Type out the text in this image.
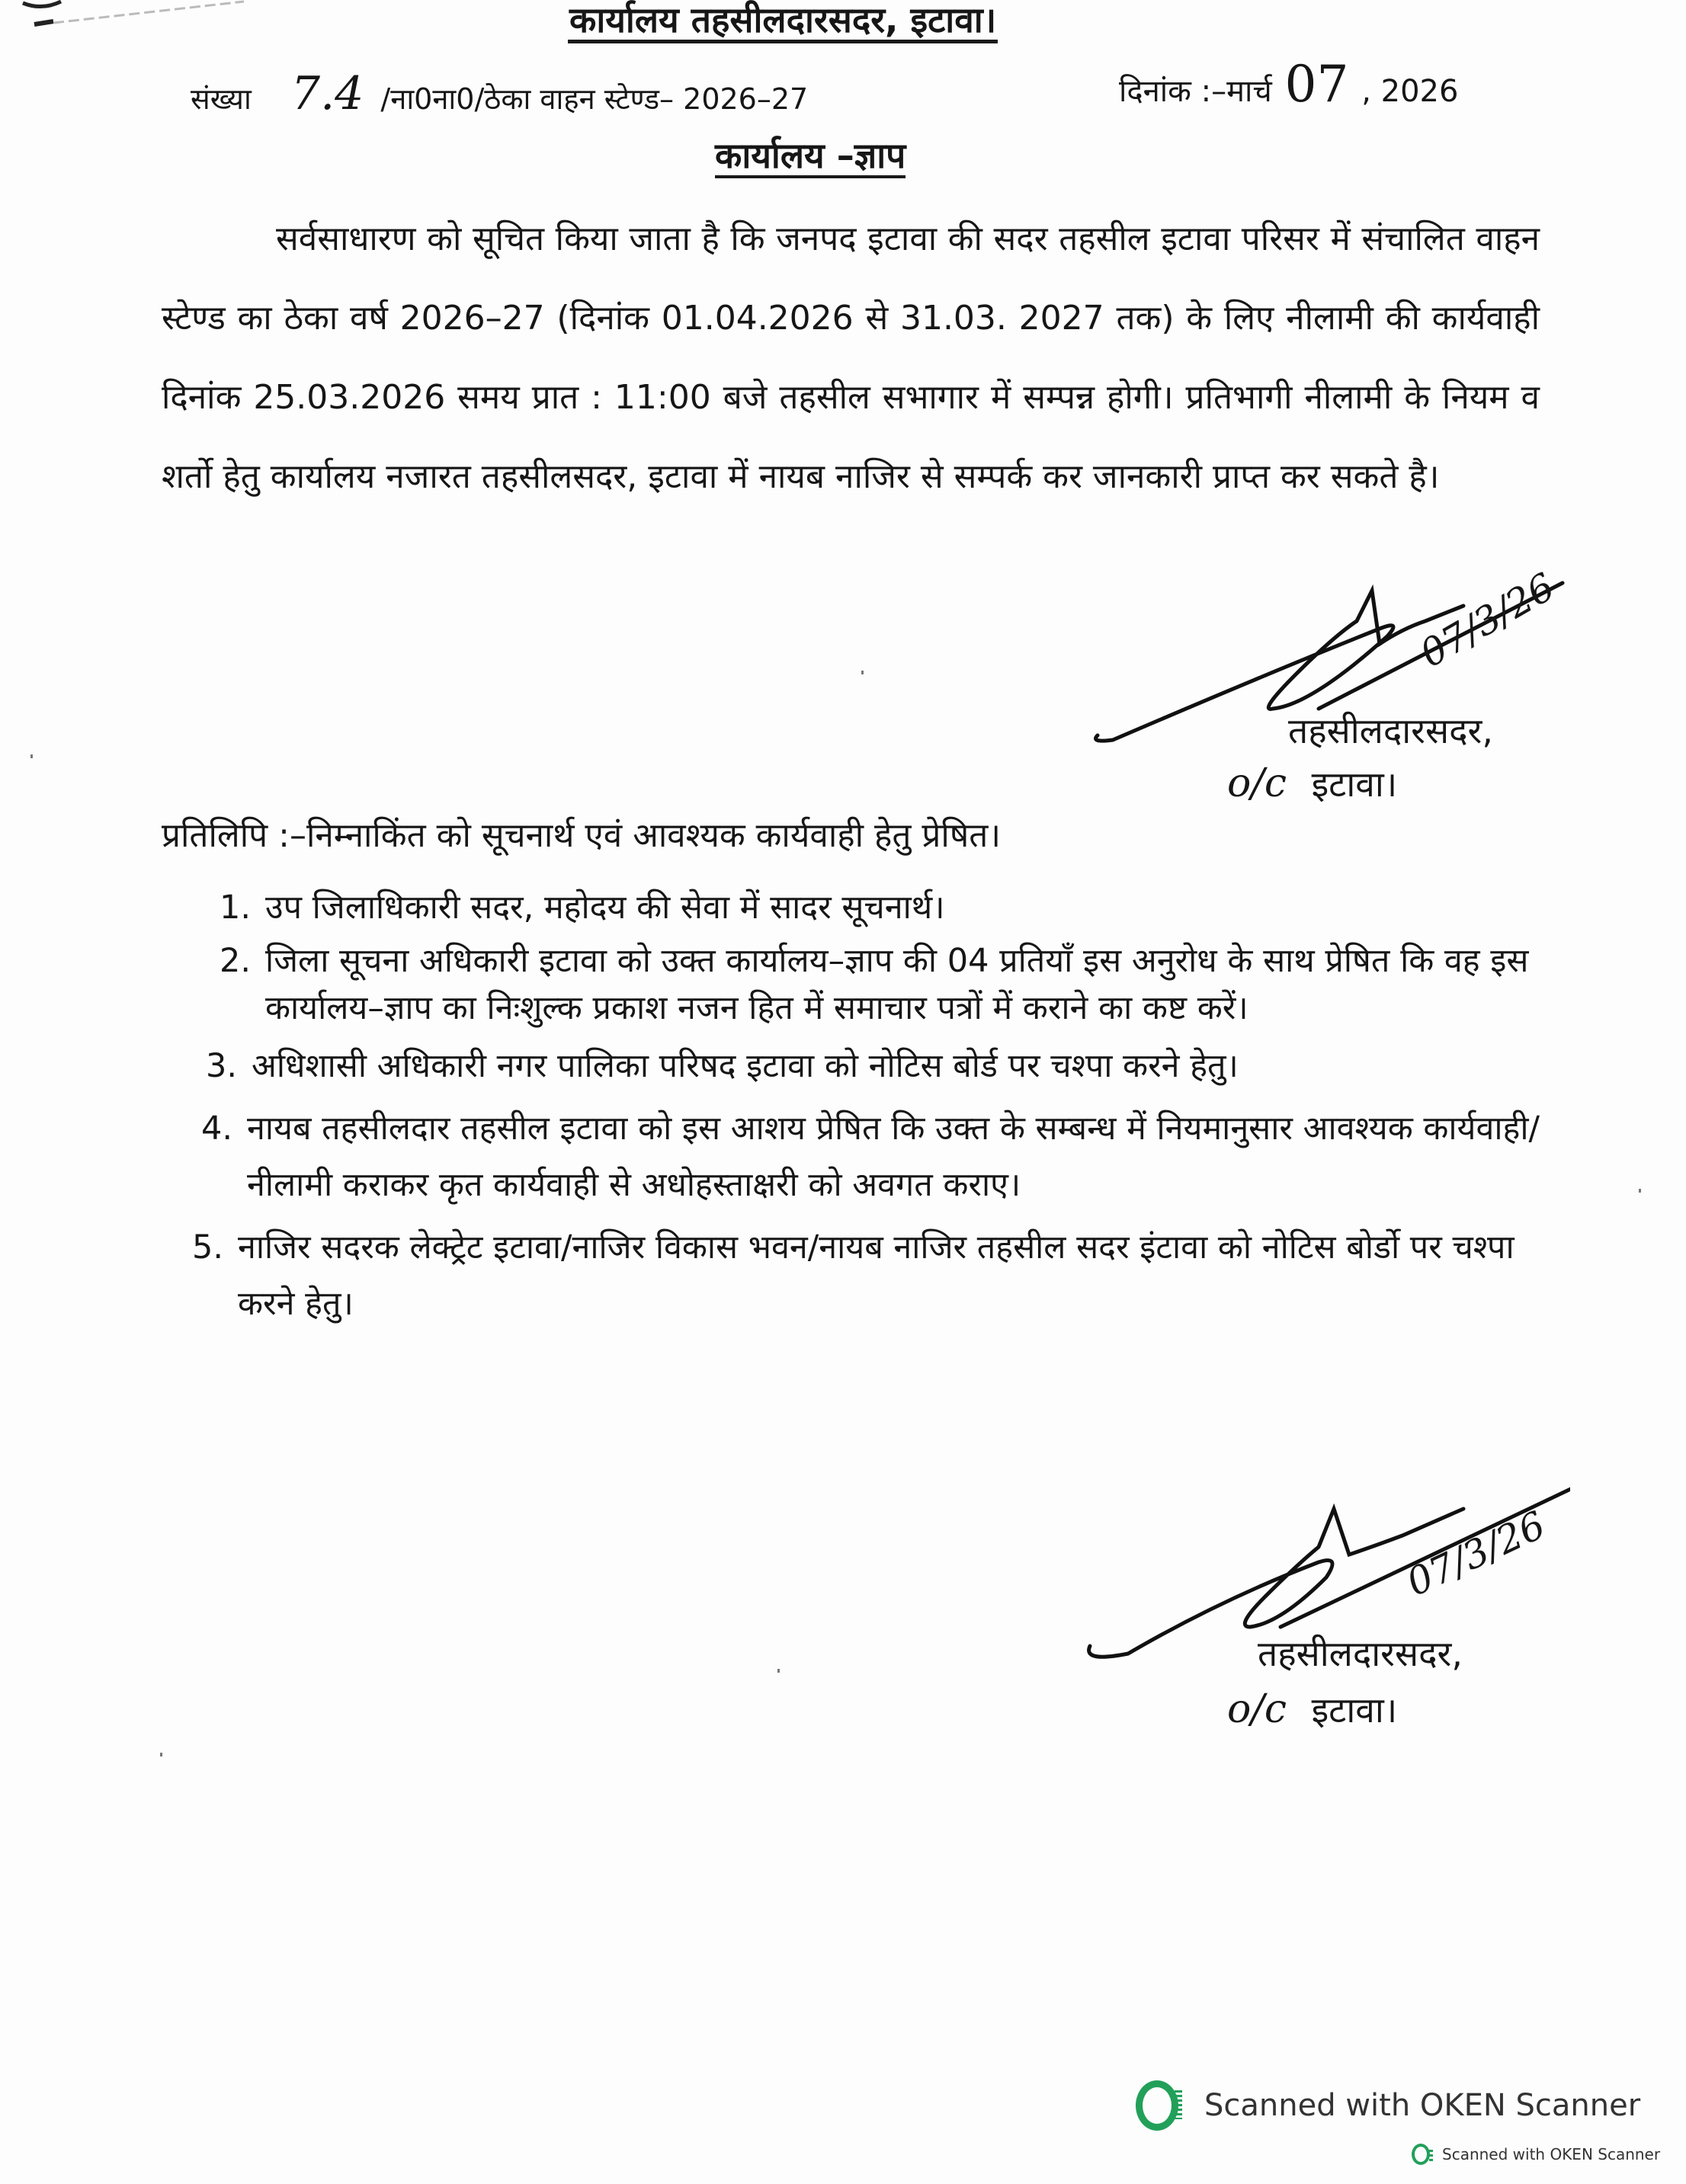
कार्यालय तहसीलदारसदर, इटावा।
संख्या 7.4 /ना0ना0/ठेका वाहन स्टेण्ड– 2026–27	दिनांक :–मार्च 07 , 2026
कार्यालय –ज्ञाप
सर्वसाधारण को सूचित किया जाता है कि जनपद इटावा की सदर तहसील इटावा परिसर में संचालित वाहन स्टेण्ड का ठेका वर्ष 2026–27 (दिनांक 01.04.2026 से 31.03. 2027 तक) के लिए नीलामी की कार्यवाही दिनांक 25.03.2026 समय प्रात : 11:00 बजे तहसील सभागार में सम्पन्न होगी। प्रतिभागी नीलामी के नियम व शर्तो हेतु कार्यालय नजारत तहसीलसदर, इटावा में नायब नाजिर से सम्पर्क कर जानकारी प्राप्त कर सकते है।
07/3/26
तहसीलदारसदर,
o/c इटावा।
प्रतिलिपि :–निम्नाकिंत को सूचनार्थ एवं आवश्यक कार्यवाही हेतु प्रेषित।
1. उप जिलाधिकारी सदर, महोदय की सेवा में सादर सूचनार्थ।
2. जिला सूचना अधिकारी इटावा को उक्त कार्यालय–ज्ञाप की 04 प्रतियाँ इस अनुरोध के साथ प्रेषित कि वह इस कार्यालय–ज्ञाप का निःशुल्क प्रकाश नजन हित में समाचार पत्रों में कराने का कष्ट करें।
3. अधिशासी अधिकारी नगर पालिका परिषद इटावा को नोटिस बोर्ड पर चश्पा करने हेतु।
4. नायब तहसीलदार तहसील इटावा को इस आशय प्रेषित कि उक्त के सम्बन्ध में नियमानुसार आवश्यक कार्यवाही/नीलामी कराकर कृत कार्यवाही से अधोहस्ताक्षरी को अवगत कराए।
5. नाजिर सदरक लेक्ट्रेट इटावा/नाजिर विकास भवन/नायब नाजिर तहसील सदर इंटावा को नोटिस बोर्डो पर चश्पा करने हेतु।
07/3/26
तहसीलदारसदर,
o/c इटावा।
Scanned with OKEN Scanner
Scanned with OKEN Scanner
